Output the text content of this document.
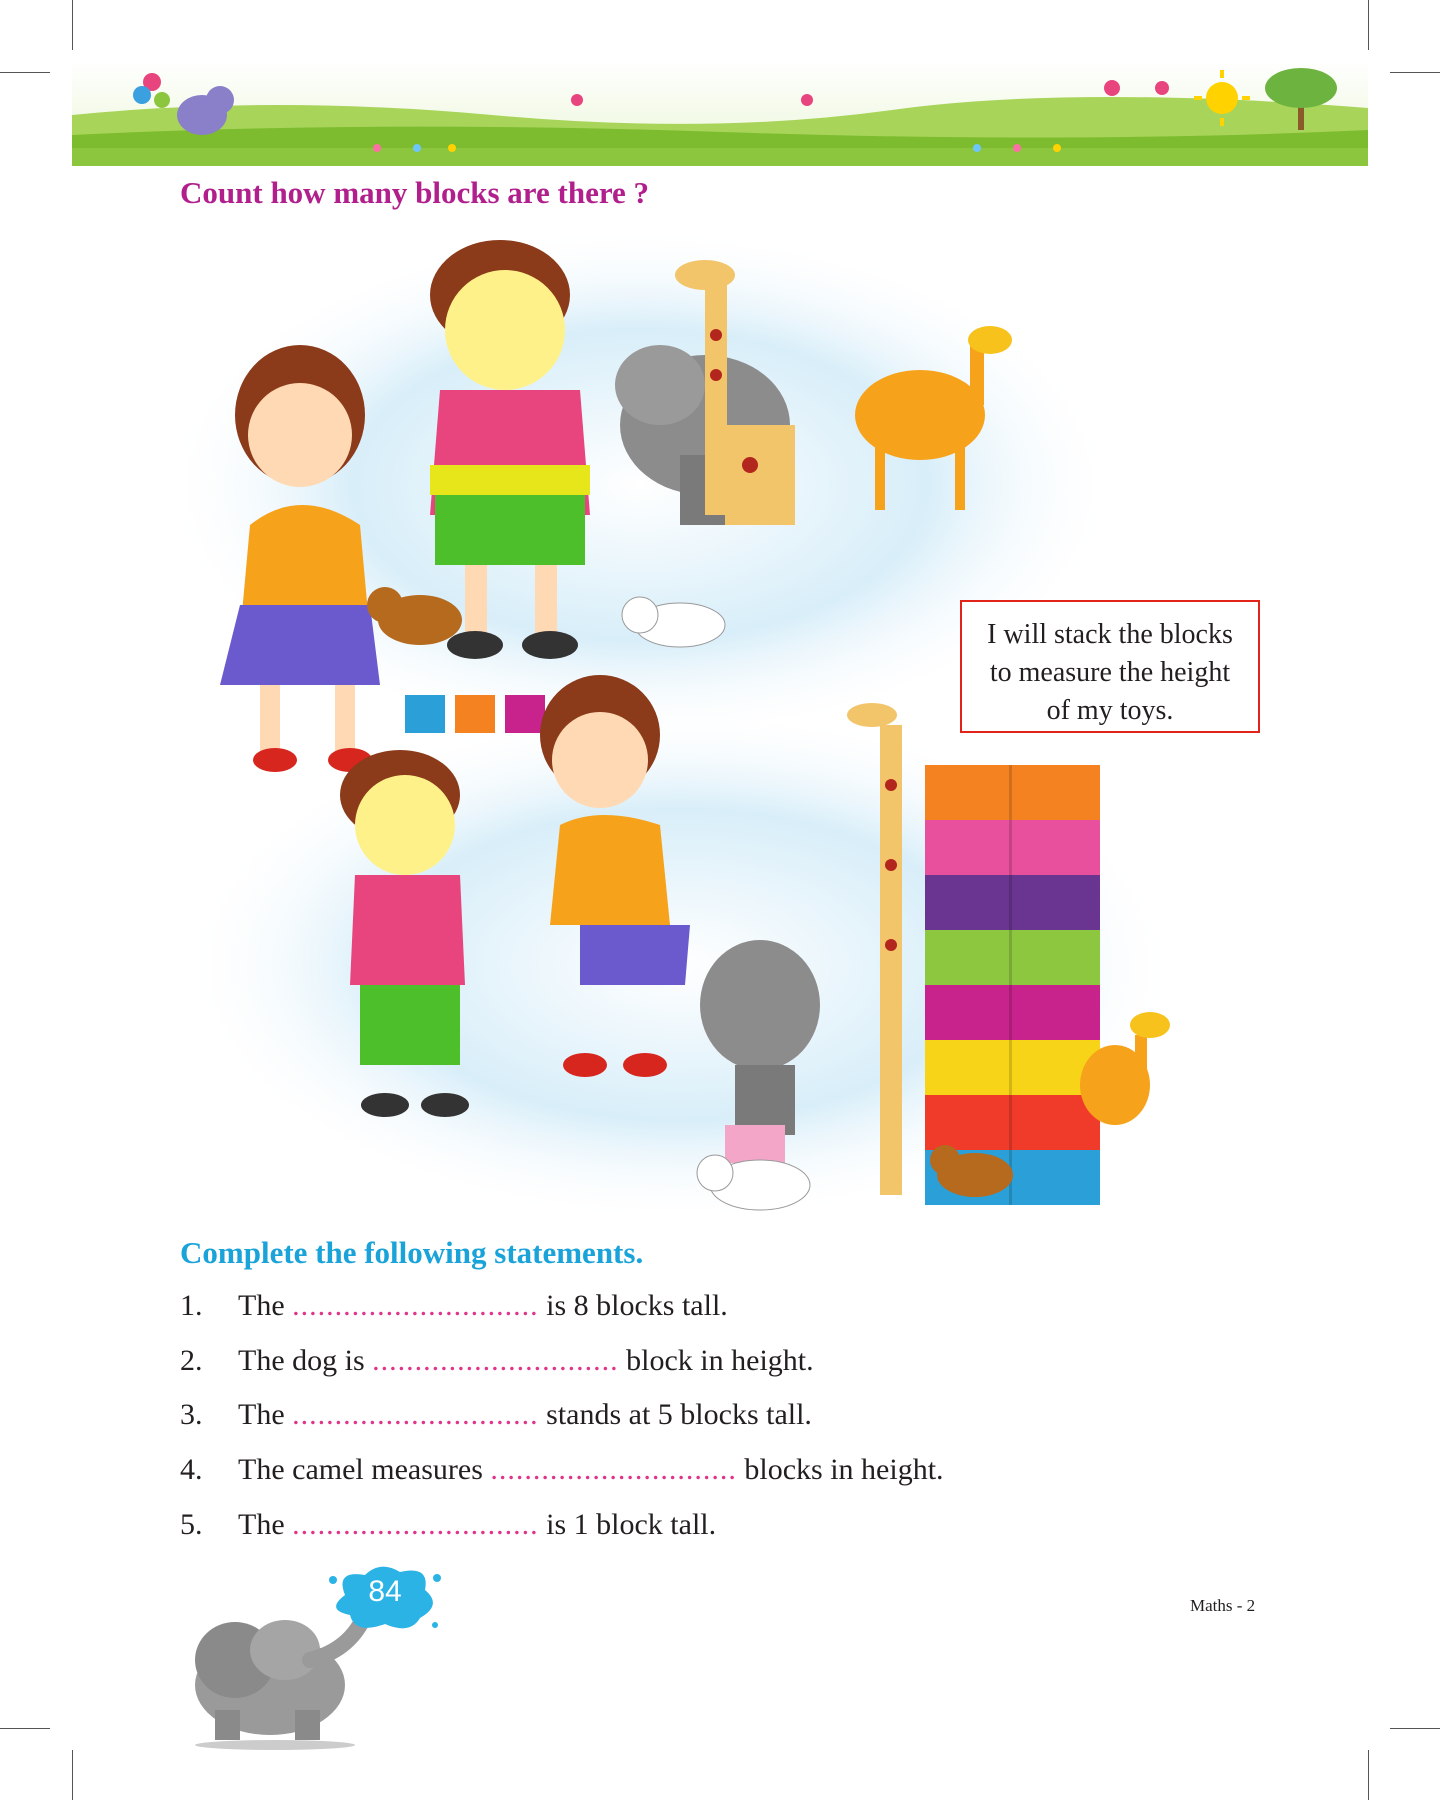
Count how many blocks are there ?
I will stack the blocks
to measure the height
of my toys.
Complete the following statements.
1. The ............................. is 8 blocks tall.
2. The dog is ............................. block in height.
3. The ............................. stands at 5 blocks tall.
4. The camel measures ............................. blocks in height.
5. The ............................. is 1 block tall.
84	Maths - 2
